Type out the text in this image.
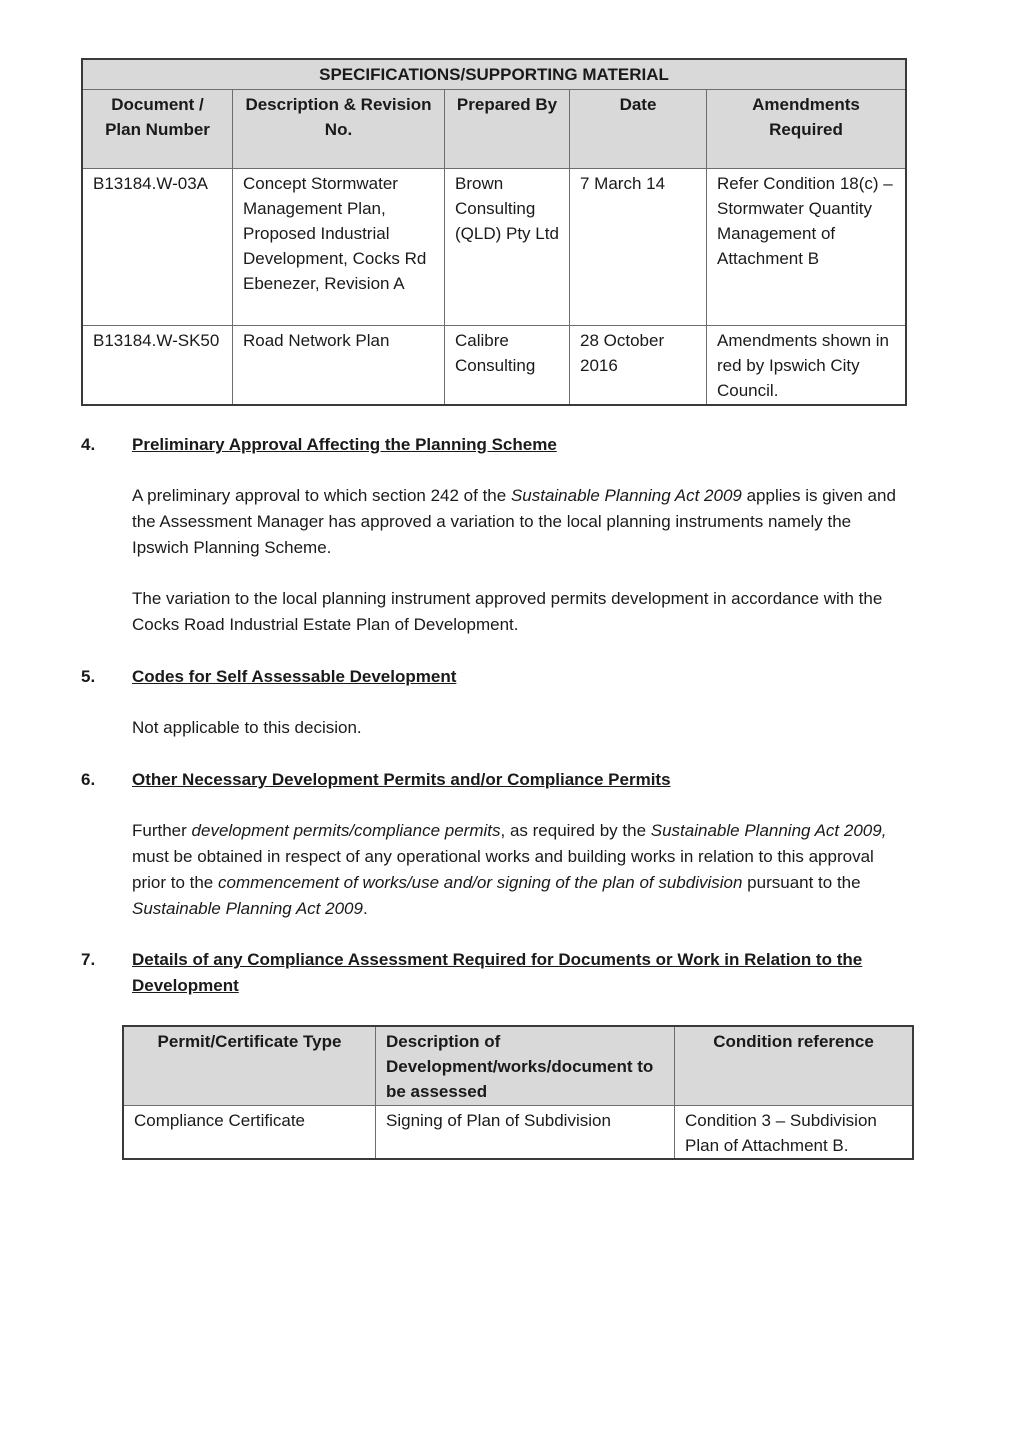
SPECIFICATIONS/SUPPORTING MATERIAL				
Document / Plan Number	Description & Revision No.	Prepared By	Date	Amendments Required
B13184.W-03A	Concept Stormwater Management Plan, Proposed Industrial Development, Cocks Rd Ebenezer, Revision A	Brown Consulting (QLD) Pty Ltd	7 March 14	Refer Condition 18(c) – Stormwater Quantity Management of Attachment B
B13184.W-SK50	Road Network Plan	Calibre Consulting	28 October 2016	Amendments shown in red by Ipswich City Council.
4. Preliminary Approval Affecting the Planning Scheme
A preliminary approval to which section 242 of the Sustainable Planning Act 2009 applies is given and the Assessment Manager has approved a variation to the local planning instruments namely the Ipswich Planning Scheme.
The variation to the local planning instrument approved permits development in accordance with the Cocks Road Industrial Estate Plan of Development.
5. Codes for Self Assessable Development
Not applicable to this decision.
6. Other Necessary Development Permits and/or Compliance Permits
Further development permits/compliance permits, as required by the Sustainable Planning Act 2009, must be obtained in respect of any operational works and building works in relation to this approval prior to the commencement of works/use and/or signing of the plan of subdivision pursuant to the Sustainable Planning Act 2009.
7. Details of any Compliance Assessment Required for Documents or Work in Relation to the Development
Permit/Certificate Type	Description of Development/works/document to be assessed	Condition reference
Compliance Certificate	Signing of Plan of Subdivision	Condition 3 – Subdivision Plan of Attachment B.
